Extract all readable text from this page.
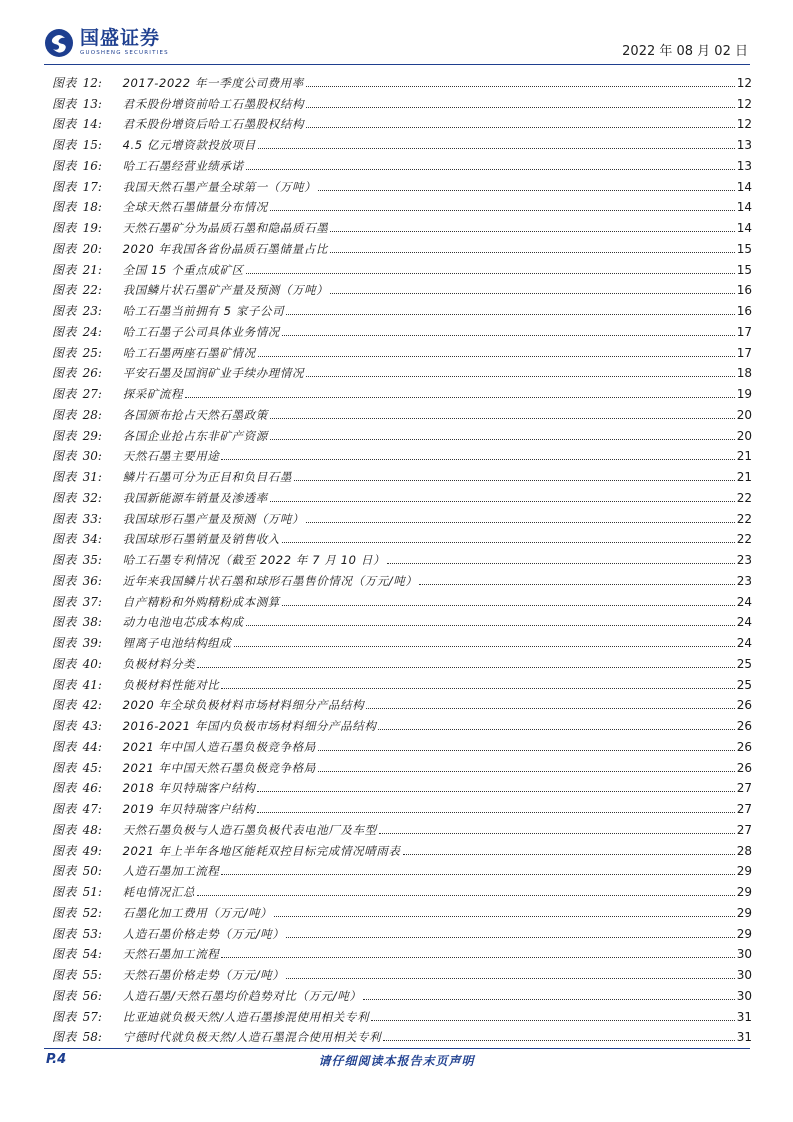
国盛证券
GUOSHENG SECURITIES	2022 年 08 月 02 日
图表 12:	2017-2022 年一季度公司费用率	12
图表 13:	君禾股份增资前哈工石墨股权结构	12
图表 14:	君禾股份增资后哈工石墨股权结构	12
图表 15:	4.5 亿元增资款投放项目	13
图表 16:	哈工石墨经营业绩承诺	13
图表 17:	我国天然石墨产量全球第一（万吨）	14
图表 18:	全球天然石墨储量分布情况	14
图表 19:	天然石墨矿分为晶质石墨和隐晶质石墨	14
图表 20:	2020 年我国各省份晶质石墨储量占比	15
图表 21:	全国 15 个重点成矿区	15
图表 22:	我国鳞片状石墨矿产量及预测（万吨）	16
图表 23:	哈工石墨当前拥有 5 家子公司	16
图表 24:	哈工石墨子公司具体业务情况	17
图表 25:	哈工石墨两座石墨矿情况	17
图表 26:	平安石墨及国润矿业手续办理情况	18
图表 27:	探采矿流程	19
图表 28:	各国颁布抢占天然石墨政策	20
图表 29:	各国企业抢占东非矿产资源	20
图表 30:	天然石墨主要用途	21
图表 31:	鳞片石墨可分为正目和负目石墨	21
图表 32:	我国新能源车销量及渗透率	22
图表 33:	我国球形石墨产量及预测（万吨）	22
图表 34:	我国球形石墨销量及销售收入	22
图表 35:	哈工石墨专利情况（截至 2022 年 7 月 10 日）	23
图表 36:	近年来我国鳞片状石墨和球形石墨售价情况（万元/吨）	23
图表 37:	自产精粉和外购精粉成本测算	24
图表 38:	动力电池电芯成本构成	24
图表 39:	锂离子电池结构组成	24
图表 40:	负极材料分类	25
图表 41:	负极材料性能对比	25
图表 42:	2020 年全球负极材料市场材料细分产品结构	26
图表 43:	2016-2021 年国内负极市场材料细分产品结构	26
图表 44:	2021 年中国人造石墨负极竞争格局	26
图表 45:	2021 年中国天然石墨负极竞争格局	26
图表 46:	2018 年贝特瑞客户结构	27
图表 47:	2019 年贝特瑞客户结构	27
图表 48:	天然石墨负极与人造石墨负极代表电池厂及车型	27
图表 49:	2021 年上半年各地区能耗双控目标完成情况晴雨表	28
图表 50:	人造石墨加工流程	29
图表 51:	耗电情况汇总	29
图表 52:	石墨化加工费用（万元/吨）	29
图表 53:	人造石墨价格走势（万元/吨）	29
图表 54:	天然石墨加工流程	30
图表 55:	天然石墨价格走势（万元/吨）	30
图表 56:	人造石墨/天然石墨均价趋势对比（万元/吨）	30
图表 57:	比亚迪就负极天然/人造石墨掺混使用相关专利	31
图表 58:	宁德时代就负极天然/人造石墨混合使用相关专利	31
P.4	请仔细阅读本报告末页声明
